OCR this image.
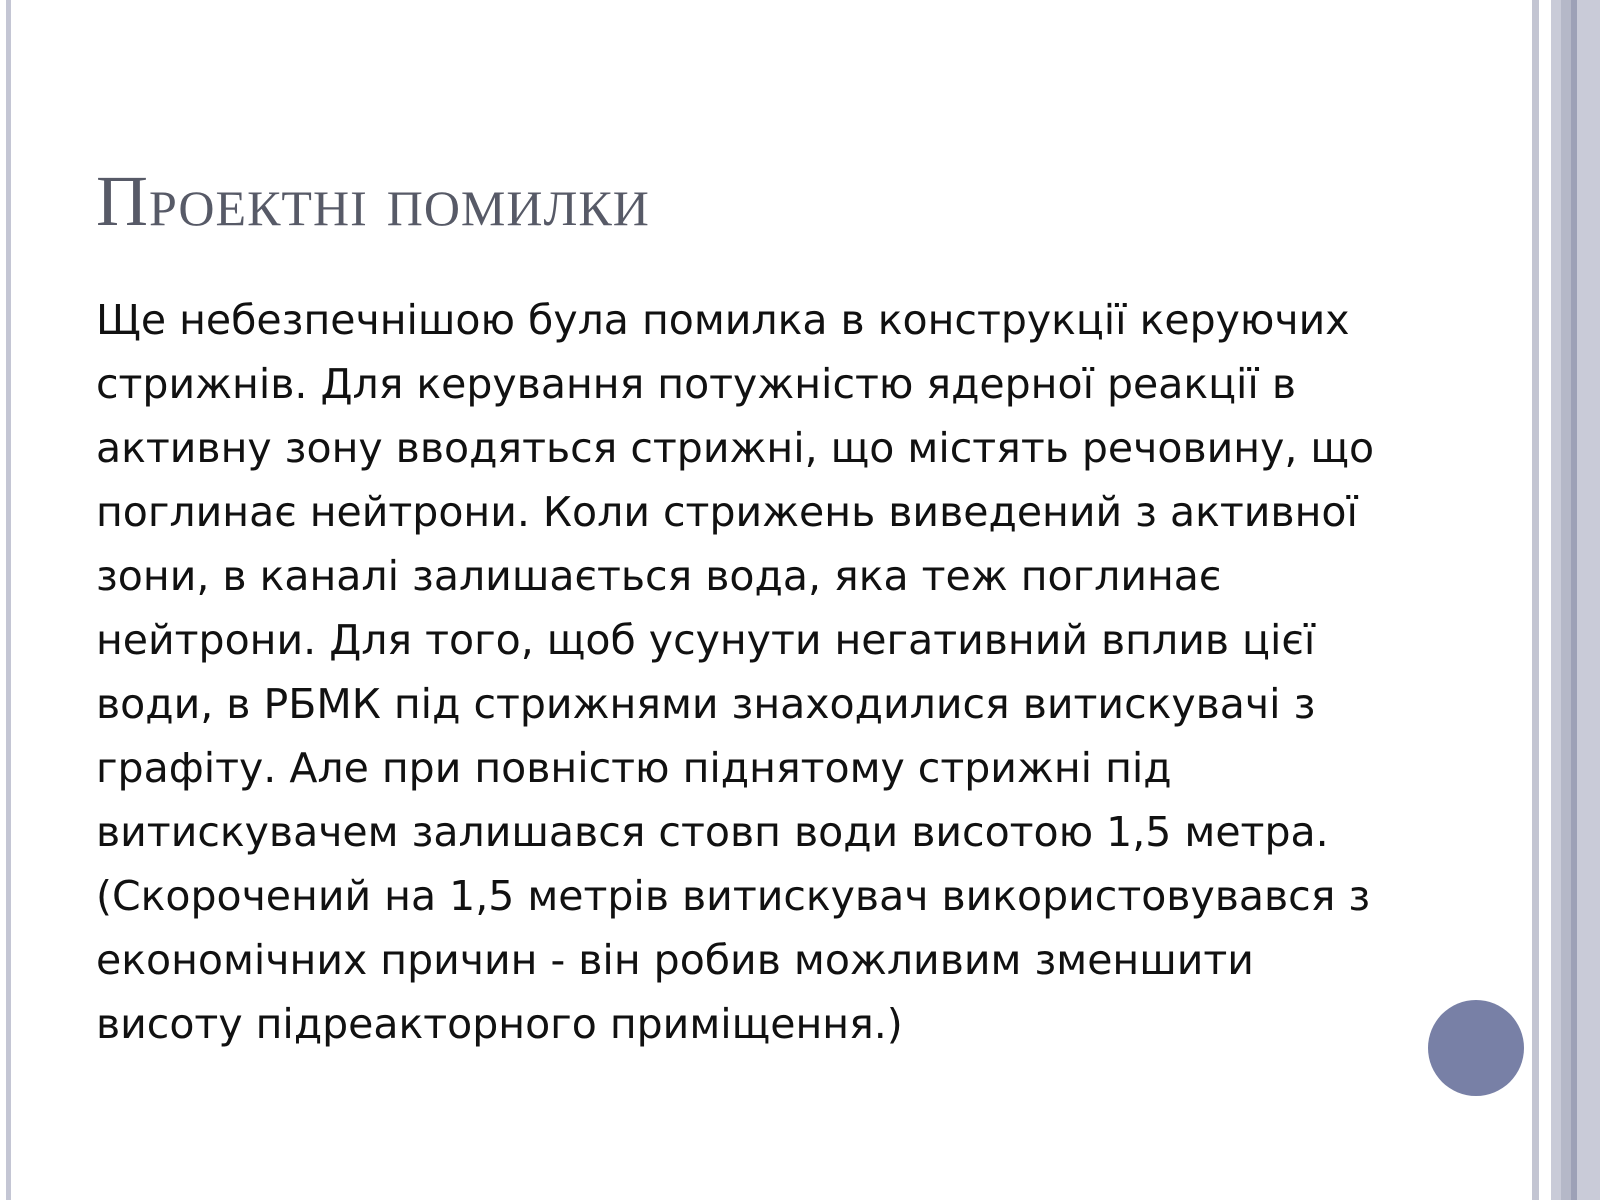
Проектні помилки

Ще небезпечнішою була помилка в конструкції керуючих
стрижнів. Для керування потужністю ядерної реакції в
активну зону вводяться стрижні, що містять речовину, що
поглинає нейтрони. Коли стрижень виведений з активної
зони, в каналі залишається вода, яка теж поглинає
нейтрони. Для того, щоб усунути негативний вплив цієї
води, в РБМК під стрижнями знаходилися витискувачі з
графіту. Але при повністю піднятому стрижні під
витискувачем залишався стовп води висотою 1,5 метра.
(Скорочений на 1,5 метрів витискувач використовувався з
економічних причин - він робив можливим зменшити
висоту підреакторного приміщення.)
